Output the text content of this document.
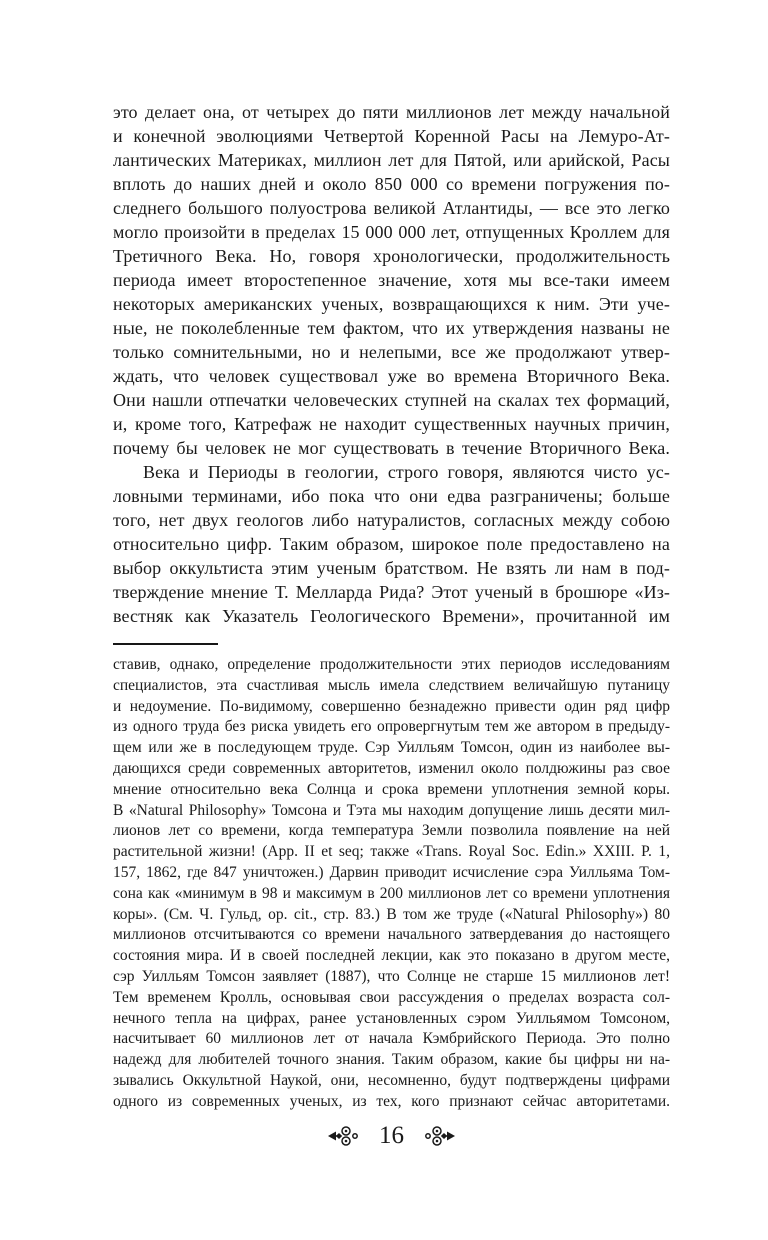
это делает она, от четырех до пяти миллионов лет между начальной
и конечной эволюциями Четвертой Коренной Расы на Лемуро-Ат-
лантических Материках, миллион лет для Пятой, или арийской, Расы
вплоть до наших дней и около 850 000 со времени погружения по-
следнего большого полуострова великой Атлантиды, — все это легко
могло произойти в пределах 15 000 000 лет, отпущенных Кроллем для
Третичного Века. Но, говоря хронологически, продолжительность
периода имеет второстепенное значение, хотя мы все-таки имеем
некоторых американских ученых, возвращающихся к ним. Эти уче-
ные, не поколебленные тем фактом, что их утверждения названы не
только сомнительными, но и нелепыми, все же продолжают утвер-
ждать, что человек существовал уже во времена Вторичного Века.
Они нашли отпечатки человеческих ступней на скалах тех формаций,
и, кроме того, Катрефаж не находит существенных научных причин,
почему бы человек не мог существовать в течение Вторичного Века.
Века и Периоды в геологии, строго говоря, являются чисто ус-
ловными терминами, ибо пока что они едва разграничены; больше
того, нет двух геологов либо натуралистов, согласных между собою
относительно цифр. Таким образом, широкое поле предоставлено на
выбор оккультиста этим ученым братством. Не взять ли нам в под-
тверждение мнение Т. Мелларда Рида? Этот ученый в брошюре «Из-
вестняк как Указатель Геологического Времени», прочитанной им
ставив, однако, определение продолжительности этих периодов исследованиям
специалистов, эта счастливая мысль имела следствием величайшую путаницу
и недоумение. По-видимому, совершенно безнадежно привести один ряд цифр
из одного труда без риска увидеть его опровергнутым тем же автором в предыду-
щем или же в последующем труде. Сэр Уилльям Томсон, один из наиболее вы-
дающихся среди современных авторитетов, изменил около полдюжины раз свое
мнение относительно века Солнца и срока времени уплотнения земной коры.
В «Natural Philosophy» Томсона и Тэта мы находим допущение лишь десяти мил-
лионов лет со времени, когда температура Земли позволила появление на ней
растительной жизни! (App. II et seq; также «Trans. Royal Soc. Edin.» XXIII. P. 1,
157, 1862, где 847 уничтожен.) Дарвин приводит исчисление сэра Уилльяма Том-
сона как «минимум в 98 и максимум в 200 миллионов лет со времени уплотнения
коры». (См. Ч. Гульд, op. cit., стр. 83.) В том же труде («Natural Philosophy») 80
миллионов отсчитываются со времени начального затвердевания до настоящего
состояния мира. И в своей последней лекции, как это показано в другом месте,
сэр Уилльям Томсон заявляет (1887), что Солнце не старше 15 миллионов лет!
Тем временем Кролль, основывая свои рассуждения о пределах возраста сол-
нечного тепла на цифрах, ранее установленных сэром Уилльямом Томсоном,
насчитывает 60 миллионов лет от начала Кэмбрийского Периода. Это полно
надежд для любителей точного знания. Таким образом, какие бы цифры ни на-
зывались Оккультной Наукой, они, несомненно, будут подтверждены цифрами
одного из современных ученых, из тех, кого признают сейчас авторитетами.
16
